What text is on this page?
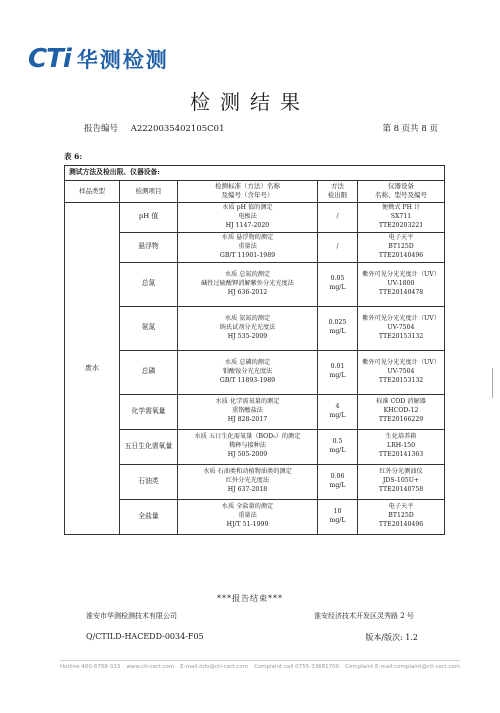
CTi 华测检测
检测结果
报告编号 A2220035402105C01	第 8 页共 8 页
表 6:
测试方法及检出限、仪器设备:				
样品类型	检测项目	检测标准（方法）名称
及编号（含年号）	方法
检出限	仪器设备
名称、型号及编号

废水	pH 值	水质 pH 值的测定
电极法
HJ 1147-2020	/	便携式 PH 计
SX711
TTE20203221

	悬浮物	水质 悬浮物的测定
重量法
GB/T 11901-1989	/	电子天平
BT125D
TTE20140496

	总氮	水质 总氮的测定
碱性过硫酸钾消解紫外分光光度法
HJ 636-2012	0.05
mg/L	紫外可见分光光度计（UV）
UV-1800
TTE20140478

	氨氮	水质 氨氮的测定
纳氏试剂分光光度法
HJ 535-2009	0.025
mg/L	紫外可见分光光度计（UV）
UV-7504
TTE20153132

	总磷	水质 总磷的测定
钼酸铵分光光度法
GB/T 11893-1989	0.01
mg/L	紫外可见分光光度计（UV）
UV-7504
TTE20153132

	化学需氧量	水质 化学需氧量的测定
重铬酸盐法
HJ 828-2017	4
mg/L	标准 COD 消解器
KHCOD-12
TTE20166229

	五日生化需氧量	水质 五日生化需氧量（BOD₅）的测定
稀释与接种法
HJ 505-2009	0.5
mg/L	生化培养箱
LRH-150
TTE20141363

	石油类	水质 石油类和动植物油类的测定
红外分光光度法
HJ 637-2018	0.06
mg/L	红外分光测油仪
JDS-105U+
TTE20140758

	全盐量	水质 全盐量的测定
重量法
HJ/T 51-1999	10
mg/L	电子天平
BT125D
TTE20140496
***报告结束***
淮安市华测检测技术有限公司	淮安经济技术开发区灵秀路 2 号
Q/CTILD-HACEDD-0034-F05	版本/版次: 1.2
Hotline 400-6788-333 www.cti-cert.com E-mail:info@cti-cert.com Complaint call 0755-33681700 Complaint E-mail:complaint@cti-cert.com
